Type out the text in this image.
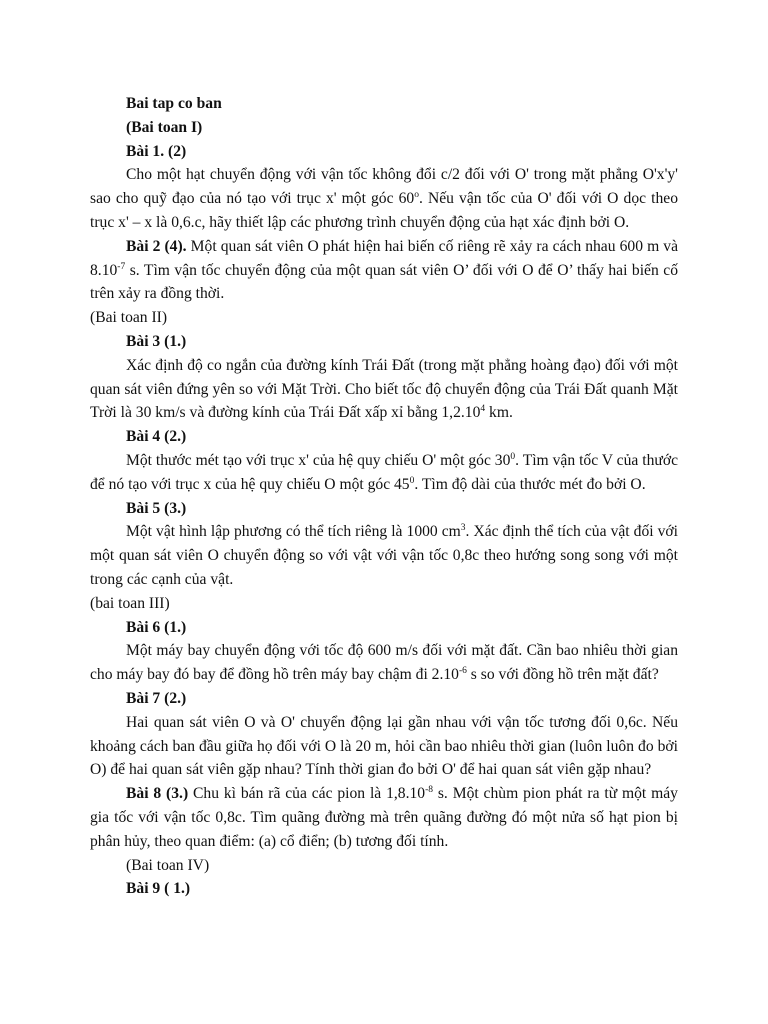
Bai tap co ban

(Bai toan I)

Bài 1. (2)

Cho một hạt chuyển động với vận tốc không đổi c/2 đối với O' trong mặt phẳng O'x'y' sao cho quỹ đạo của nó tạo với trục x' một góc 60$^o$. Nếu vận tốc của O' đối với O dọc theo trục x' – x là 0,6.c, hãy thiết lập các phương trình chuyển động của hạt xác định bởi O.

Bài 2 (4). Một quan sát viên O phát hiện hai biến cố riêng rẽ xảy ra cách nhau 600 m và $8.10^{-7}$ s. Tìm vận tốc chuyển động của một quan sát viên O’ đối với O để O’ thấy hai biến cố trên xảy ra đồng thời.

(Bai toan II)

Bài 3 (1.)

Xác định độ co ngắn của đường kính Trái Đất (trong mặt phẳng hoàng đạo) đối với một quan sát viên đứng yên so với Mặt Trời. Cho biết tốc độ chuyển động của Trái Đất quanh Mặt Trời là 30 km/s và đường kính của Trái Đất xấp xỉ bằng 1,2.10$^4$ km.

Bài 4 (2.)

Một thước mét tạo với trục x' của hệ quy chiếu O' một góc $30^0$. Tìm vận tốc V của thước để nó tạo với trục x của hệ quy chiếu O một góc $45^0$. Tìm độ dài của thước mét đo bởi O.

Bài 5 (3.)

Một vật hình lập phương có thể tích riêng là 1000 $cm^3$. Xác định thể tích của vật đối với một quan sát viên O chuyển động so với vật với vận tốc 0,8c theo hướng song song với một trong các cạnh của vật.

(bai toan III)

Bài 6 (1.)

Một máy bay chuyển động với tốc độ 600 m/s đối với mặt đất. Cần bao nhiêu thời gian cho máy bay đó bay để đồng hồ trên máy bay chậm đi $2.10^{-6}$ s so với đồng hồ trên mặt đất?

Bài 7 (2.)

Hai quan sát viên O và O' chuyển động lại gần nhau với vận tốc tương đối 0,6c. Nếu khoảng cách ban đầu giữa họ đối với O là 20 m, hỏi cần bao nhiêu thời gian (luôn luôn đo bởi O) để hai quan sát viên gặp nhau? Tính thời gian đo bởi O' để hai quan sát viên gặp nhau?

Bài 8 (3.) Chu kì bán rã của các pion là $1,8.10^{-8}$ s. Một chùm pion phát ra từ một máy gia tốc với vận tốc 0,8c. Tìm quãng đường mà trên quãng đường đó một nửa số hạt pion bị phân hủy, theo quan điểm: (a) cổ điển; (b) tương đối tính.

(Bai toan IV)

Bài 9 ( 1.)
